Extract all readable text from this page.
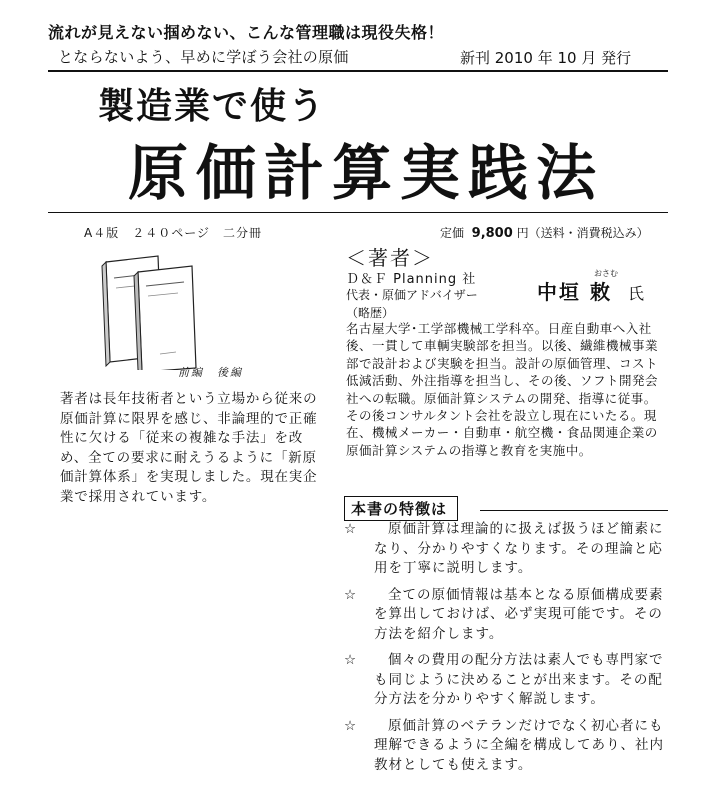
流れが見えない掴めない、こんな管理職は現役失格！
とならないよう、早めに学ぼう会社の原価	新刊 2010 年 10 月 発行
製造業で使う
原価計算実践法
A４版　２４０ページ　二分冊	定価 9,800 円（送料・消費税込み）
前編　後編
著者は長年技術者という立場から従来の原価計算に限界を感じ、非論理的で正確性に欠ける「従来の複雑な手法」を改め、全ての要求に耐えうるように「新原価計算体系」を実現しました。現在実企業で採用されています。
＜著者＞
Ｄ＆Ｆ Planning 社
代表・原価アドバイザー
おさむ
中垣 敕 氏
（略歴）
名古屋大学･工学部機械工学科卒。日産自動車へ入社後、一貫して車輌実験部を担当。以後、繊維機械事業部で設計および実験を担当。設計の原価管理、コスト低減活動、外注指導を担当し、その後、ソフト開発会社への転職。原価計算システムの開発、指導に従事。その後コンサルタント会社を設立し現在にいたる。現在、機械メーカー・自動車・航空機・食品関連企業の原価計算システムの指導と教育を実施中。
本書の特徴は
☆ 原価計算は理論的に扱えば扱うほど簡素になり、分かりやすくなります。その理論と応用を丁寧に説明します。
☆ 全ての原価情報は基本となる原価構成要素を算出しておけば、必ず実現可能です。その方法を紹介します。
☆ 個々の費用の配分方法は素人でも専門家でも同じように決めることが出来ます。その配分方法を分かりやすく解説します。
☆ 原価計算のベテランだけでなく初心者にも理解できるように全編を構成してあり、社内教材としても使えます。
